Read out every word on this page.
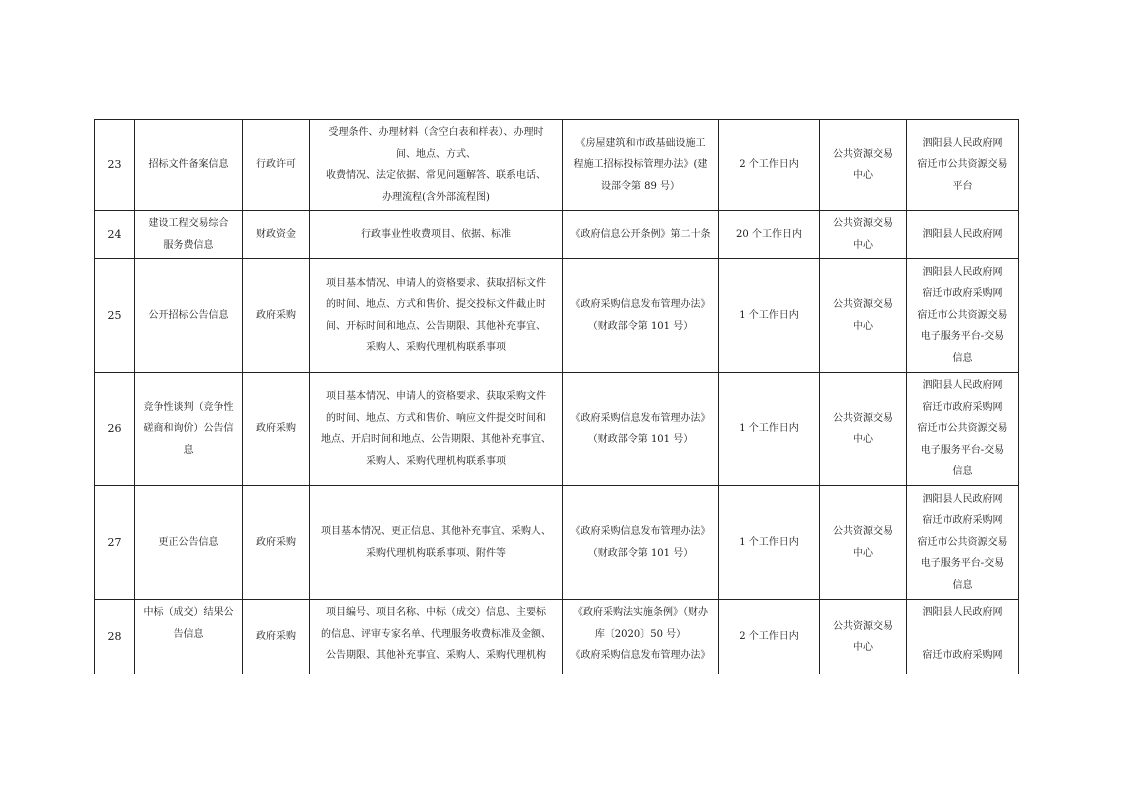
23	招标文件备案信息	行政许可	受理条件、办理材料（含空白表和样表）、办理时
间、地点、方式、
收费情况、法定依据、常见问题解答、联系电话、
办理流程(含外部流程图)	《房屋建筑和市政基础设施工
程施工招标投标管理办法》(建
设部令第 89 号）	2 个工作日内	公共资源交易
中心	泗阳县人民政府网
宿迁市公共资源交易
平台

24	建设工程交易综合
服务费信息	财政资金	行政事业性收费项目、依据、标准	《政府信息公开条例》第二十条	20 个工作日内	公共资源交易
中心	泗阳县人民政府网

25	公开招标公告信息	政府采购	项目基本情况、申请人的资格要求、获取招标文件
的时间、地点、方式和售价、提交投标文件截止时
间、开标时间和地点、公告期限、其他补充事宜、
采购人、采购代理机构联系事项	《政府采购信息发布管理办法》
（财政部令第 101 号）	1 个工作日内	公共资源交易
中心	泗阳县人民政府网
宿迁市政府采购网
宿迁市公共资源交易
电子服务平台-交易
信息

26	竞争性谈判（竞争性
磋商和询价）公告信
息	政府采购	项目基本情况、申请人的资格要求、获取采购文件
的时间、地点、方式和售价、响应文件提交时间和
地点、开启时间和地点、公告期限、其他补充事宜、
采购人、采购代理机构联系事项	《政府采购信息发布管理办法》
（财政部令第 101 号）	1 个工作日内	公共资源交易
中心	泗阳县人民政府网
宿迁市政府采购网
宿迁市公共资源交易
电子服务平台-交易
信息

27	更正公告信息	政府采购	项目基本情况、更正信息、其他补充事宜、采购人、
采购代理机构联系事项、附件等	《政府采购信息发布管理办法》
（财政部令第 101 号）	1 个工作日内	公共资源交易
中心	泗阳县人民政府网
宿迁市政府采购网
宿迁市公共资源交易
电子服务平台-交易
信息

28	中标（成交）结果公
告信息	政府采购	项目编号、项目名称、中标（成交）信息、主要标
的信息、评审专家名单、代理服务收费标准及金额、
公告期限、其他补充事宜、采购人、采购代理机构	《政府采购法实施条例》（财办
库〔2020〕50 号）
《政府采购信息发布管理办法》	2 个工作日内	公共资源交易
中心	泗阳县人民政府网

宿迁市政府采购网
